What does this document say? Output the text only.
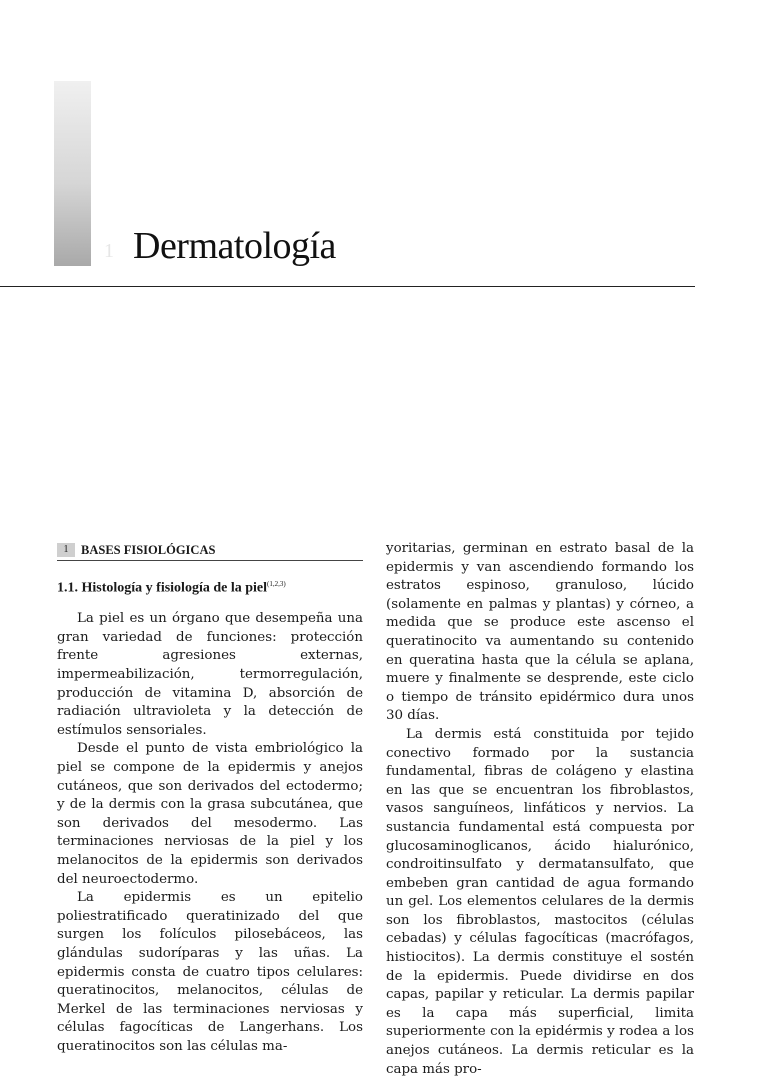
1 Dermatología
1	BASES FISIOLÓGICAS
1.1. Histología y fisiología de la piel$^{(1,2,3)}$

La piel es un órgano que desempeña una gran variedad de funciones: protección frente agresiones externas, impermeabilización, termorregulación, producción de vitamina D, absorción de radiación ultravioleta y la detección de estímulos sensoriales.

Desde el punto de vista embriológico la piel se compone de la epidermis y anejos cutáneos, que son derivados del ectodermo; y de la dermis con la grasa subcutánea, que son derivados del mesodermo. Las terminaciones nerviosas de la piel y los melanocitos de la epidermis son derivados del neuroectodermo.

La epidermis es un epitelio poliestratificado queratinizado del que surgen los folículos pilosebáceos, las glándulas sudoríparas y las uñas. La epidermis consta de cuatro tipos celulares: queratinocitos, melanocitos, células de Merkel de las terminaciones nerviosas y células fagocíticas de Langerhans. Los queratinocitos son las células ma-

yoritarias, germinan en estrato basal de la epidermis y van ascendiendo formando los estratos espinoso, granuloso, lúcido (solamente en palmas y plantas) y córneo, a medida que se produce este ascenso el queratinocito va aumentando su contenido en queratina hasta que la célula se aplana, muere y finalmente se desprende, este ciclo o tiempo de tránsito epidérmico dura unos 30 días.

La dermis está constituida por tejido conectivo formado por la sustancia fundamental, fibras de colágeno y elastina en las que se encuentran los fibroblastos, vasos sanguíneos, linfáticos y nervios. La sustancia fundamental está compuesta por glucosaminoglicanos, ácido hialurónico, condroitinsulfato y dermatansulfato, que embeben gran cantidad de agua formando un gel. Los elementos celulares de la dermis son los fibroblastos, mastocitos (células cebadas) y células fagocíticas (macrófagos, histiocitos). La dermis constituye el sostén de la epidermis. Puede dividirse en dos capas, papilar y reticular. La dermis papilar es la capa más superficial, limita superiormente con la epidérmis y rodea a los anejos cutáneos. La dermis reticular es la capa más pro-
